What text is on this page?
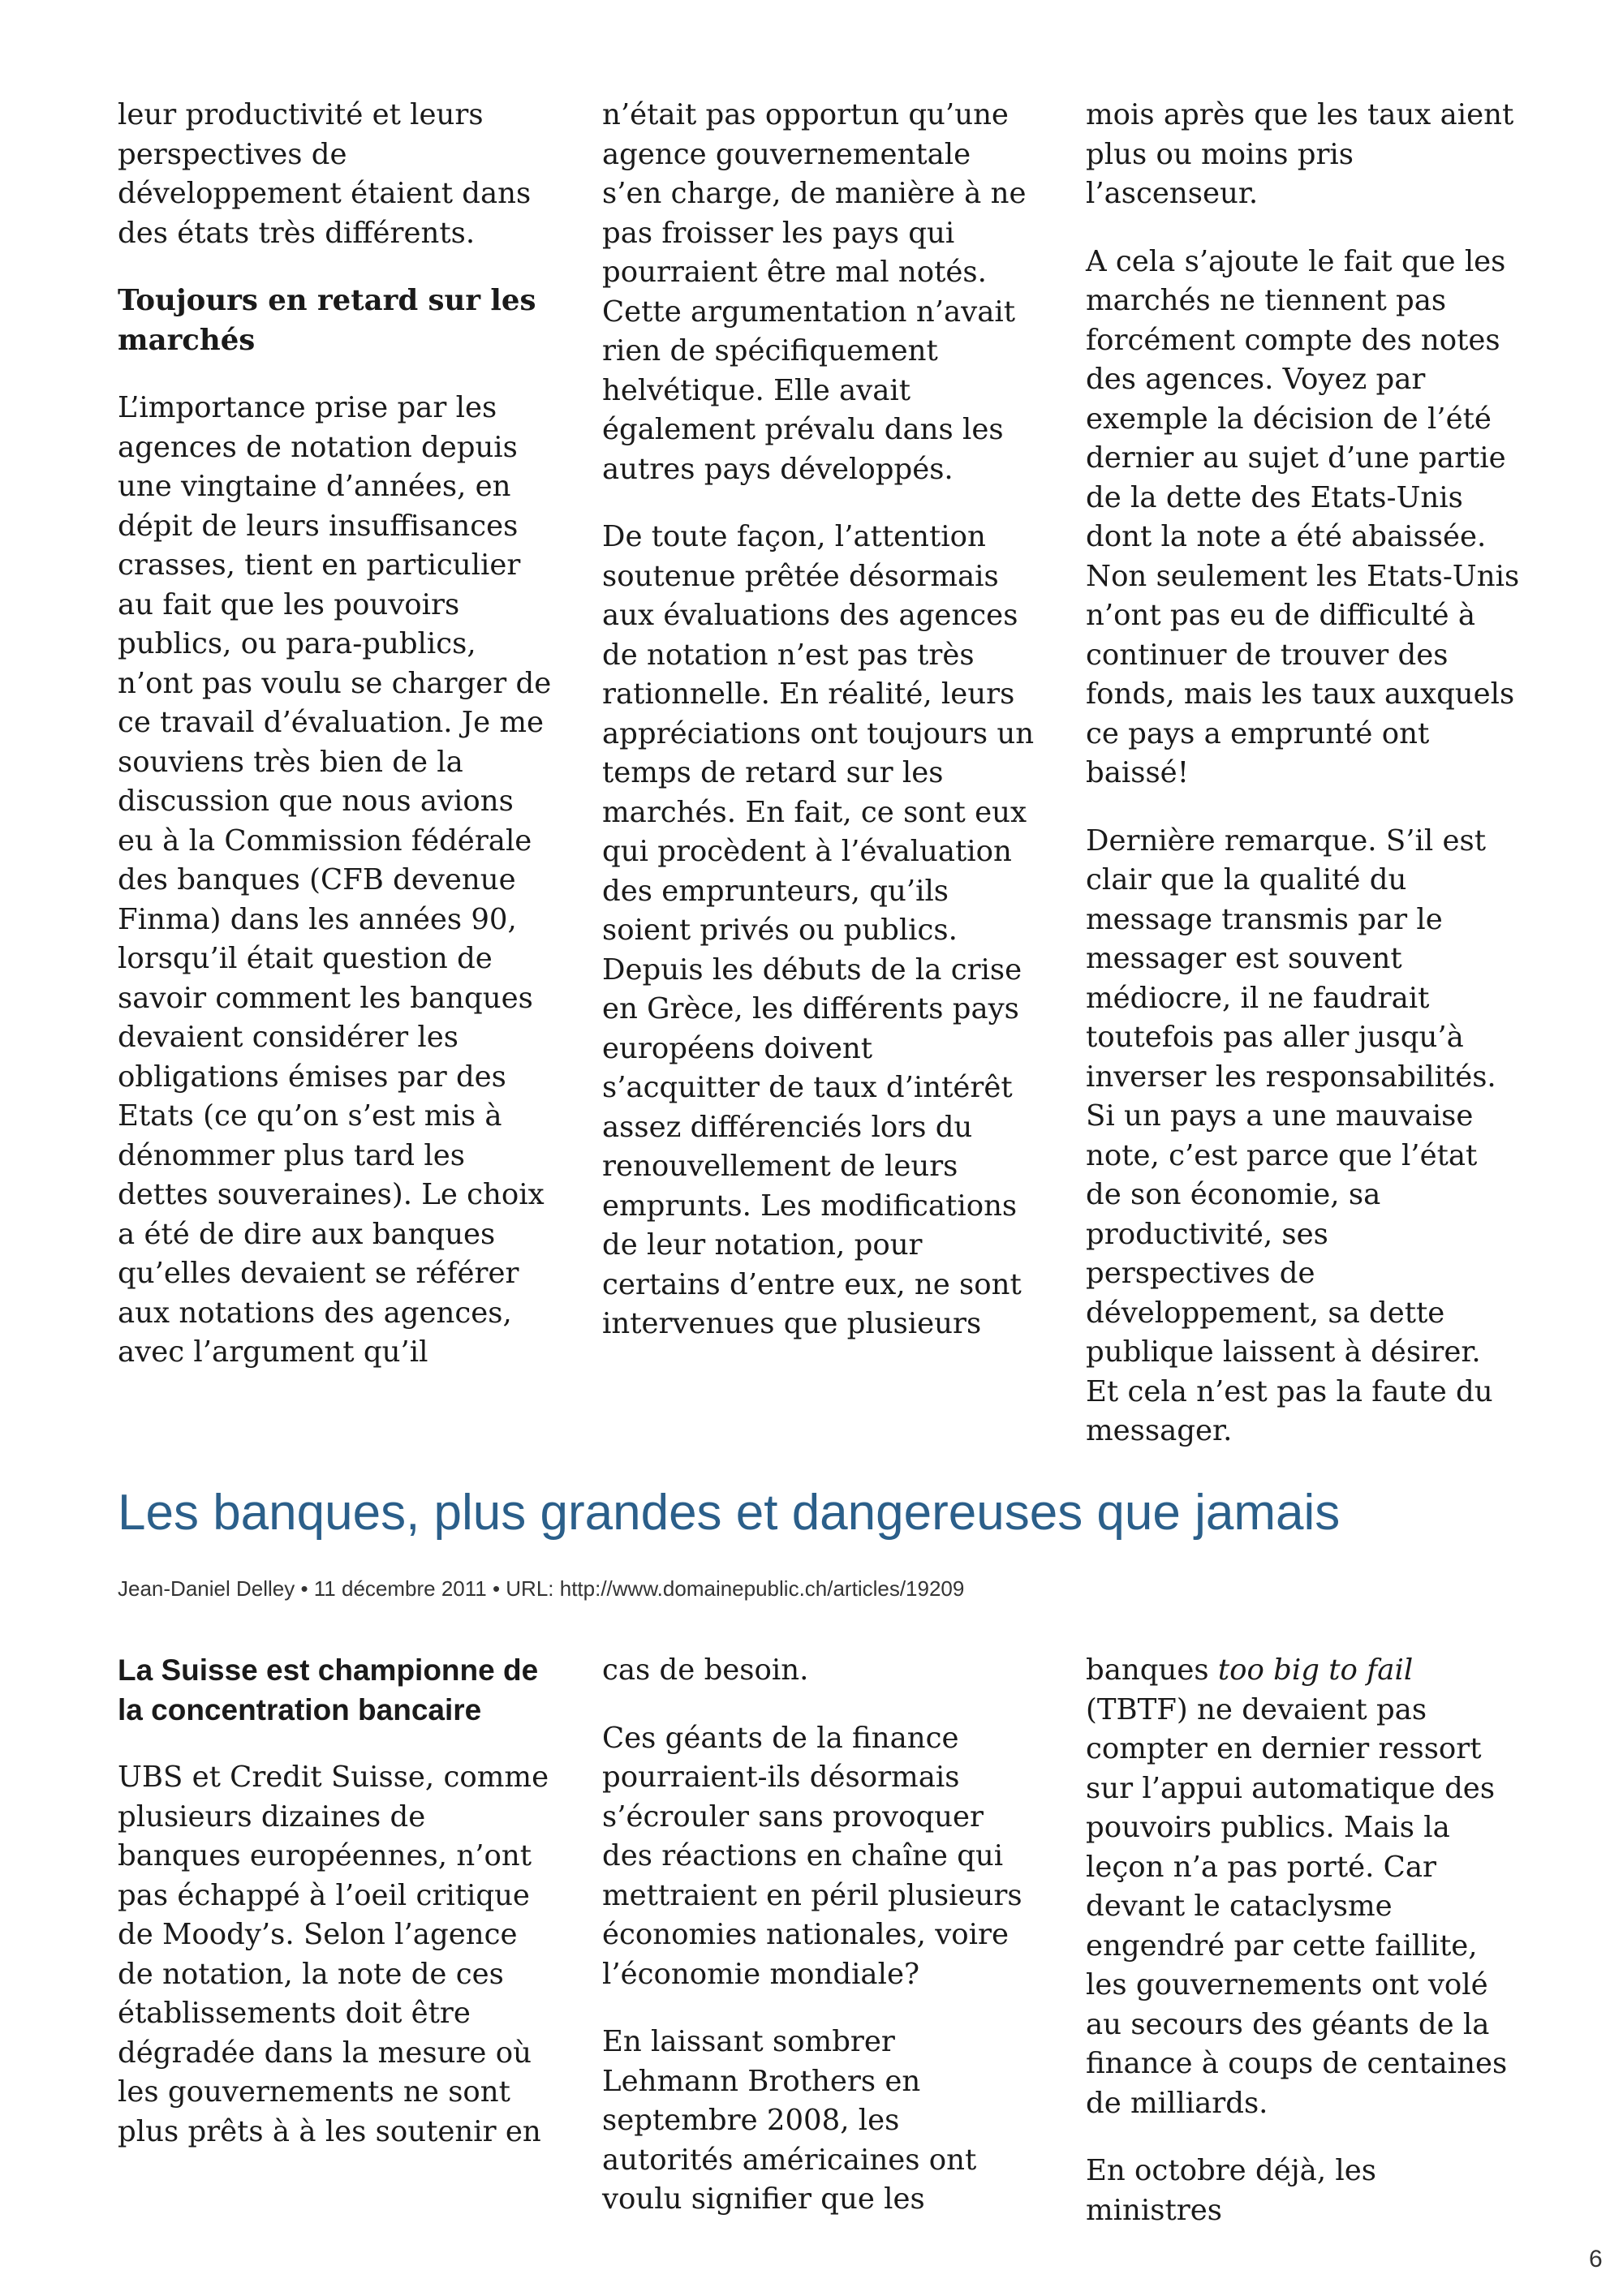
leur productivité et leurs perspectives de développement étaient dans des états très différents.

Toujours en retard sur les marchés

L’importance prise par les agences de notation depuis une vingtaine d’années, en dépit de leurs insuffisances crasses, tient en particulier au fait que les pouvoirs publics, ou para-publics, n’ont pas voulu se charger de ce travail d’évaluation. Je me souviens très bien de la discussion que nous avions eu à la Commission fédérale des banques (CFB devenue Finma) dans les années 90, lorsqu’il était question de savoir comment les banques devaient considérer les obligations émises par des Etats (ce qu’on s’est mis à dénommer plus tard les dettes souveraines). Le choix a été de dire aux banques qu’elles devaient se référer aux notations des agences, avec l’argument qu’il

n’était pas opportun qu’une agence gouvernementale s’en charge, de manière à ne pas froisser les pays qui pourraient être mal notés. Cette argumentation n’avait rien de spécifiquement helvétique. Elle avait également prévalu dans les autres pays développés.

De toute façon, l’attention soutenue prêtée désormais aux évaluations des agences de notation n’est pas très rationnelle. En réalité, leurs appréciations ont toujours un temps de retard sur les marchés. En fait, ce sont eux qui procèdent à l’évaluation des emprunteurs, qu’ils soient privés ou publics. Depuis les débuts de la crise en Grèce, les différents pays européens doivent s’acquitter de taux d’intérêt assez différenciés lors du renouvellement de leurs emprunts. Les modifications de leur notation, pour certains d’entre eux, ne sont intervenues que plusieurs

mois après que les taux aient plus ou moins pris l’ascenseur.

A cela s’ajoute le fait que les marchés ne tiennent pas forcément compte des notes des agences. Voyez par exemple la décision de l’été dernier au sujet d’une partie de la dette des Etats-Unis dont la note a été abaissée. Non seulement les Etats-Unis n’ont pas eu de difficulté à continuer de trouver des fonds, mais les taux auxquels ce pays a emprunté ont baissé!

Dernière remarque. S’il est clair que la qualité du message transmis par le messager est souvent médiocre, il ne faudrait toutefois pas aller jusqu’à inverser les responsabilités. Si un pays a une mauvaise note, c’est parce que l’état de son économie, sa productivité, ses perspectives de développement, sa dette publique laissent à désirer. Et cela n’est pas la faute du messager.

Les banques, plus grandes et dangereuses que jamais
Jean-Daniel Delley • 11 décembre 2011 • URL: http://www.domainepublic.ch/articles/19209
La Suisse est championne de la concentration bancaire

UBS et Credit Suisse, comme plusieurs dizaines de banques européennes, n’ont pas échappé à l’oeil critique de Moody’s. Selon l’agence de notation, la note de ces établissements doit être dégradée dans la mesure où les gouvernements ne sont plus prêts à à les soutenir en

cas de besoin.

Ces géants de la finance pourraient-ils désormais s’écrouler sans provoquer des réactions en chaîne qui mettraient en péril plusieurs économies nationales, voire l’économie mondiale?

En laissant sombrer Lehmann Brothers en septembre 2008, les autorités américaines ont voulu signifier que les

banques too big to fail (TBTF) ne devaient pas compter en dernier ressort sur l’appui automatique des pouvoirs publics. Mais la leçon n’a pas porté. Car devant le cataclysme engendré par cette faillite, les gouvernements ont volé au secours des géants de la finance à coups de centaines de milliards.

En octobre déjà, les ministres

6
